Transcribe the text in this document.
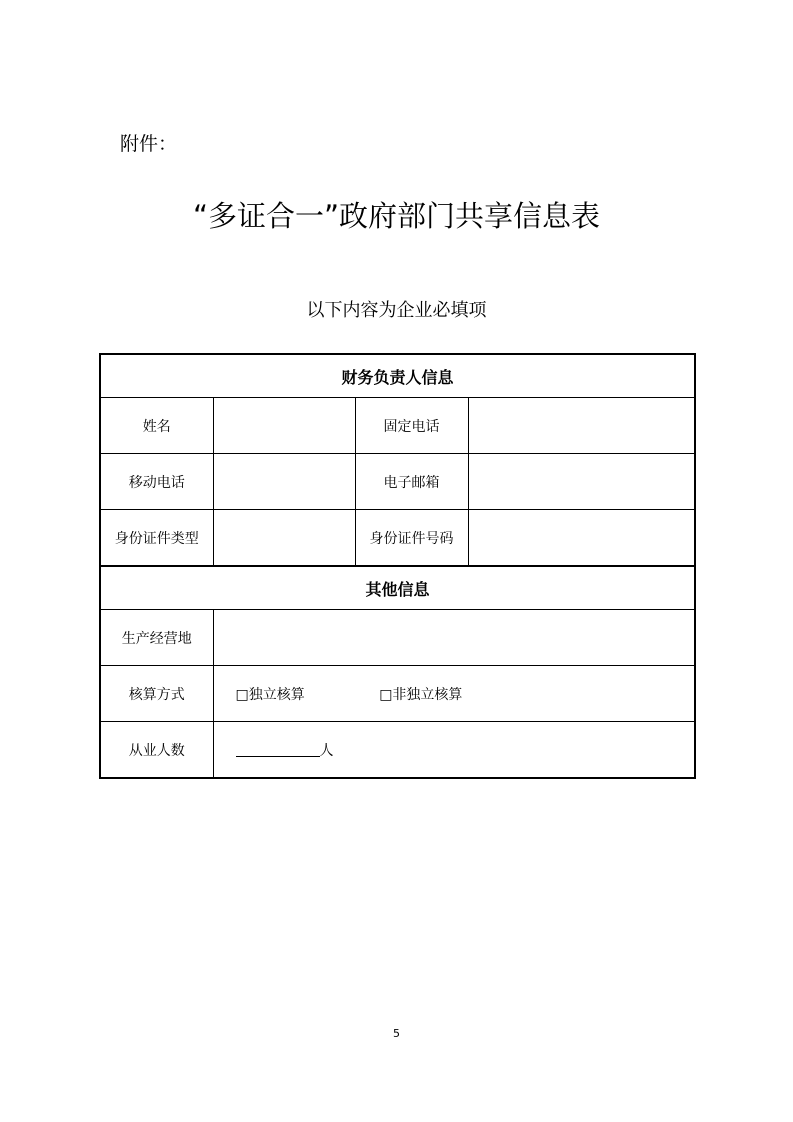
附件：
“多证合一”政府部门共享信息表
以下内容为企业必填项
财务负责人信息			
姓名		固定电话	
移动电话		电子邮箱	
身份证件类型		身份证件号码	
其他信息			
生产经营地			
核算方式	□独立核算 □非独立核算		
从业人数	人		
5
